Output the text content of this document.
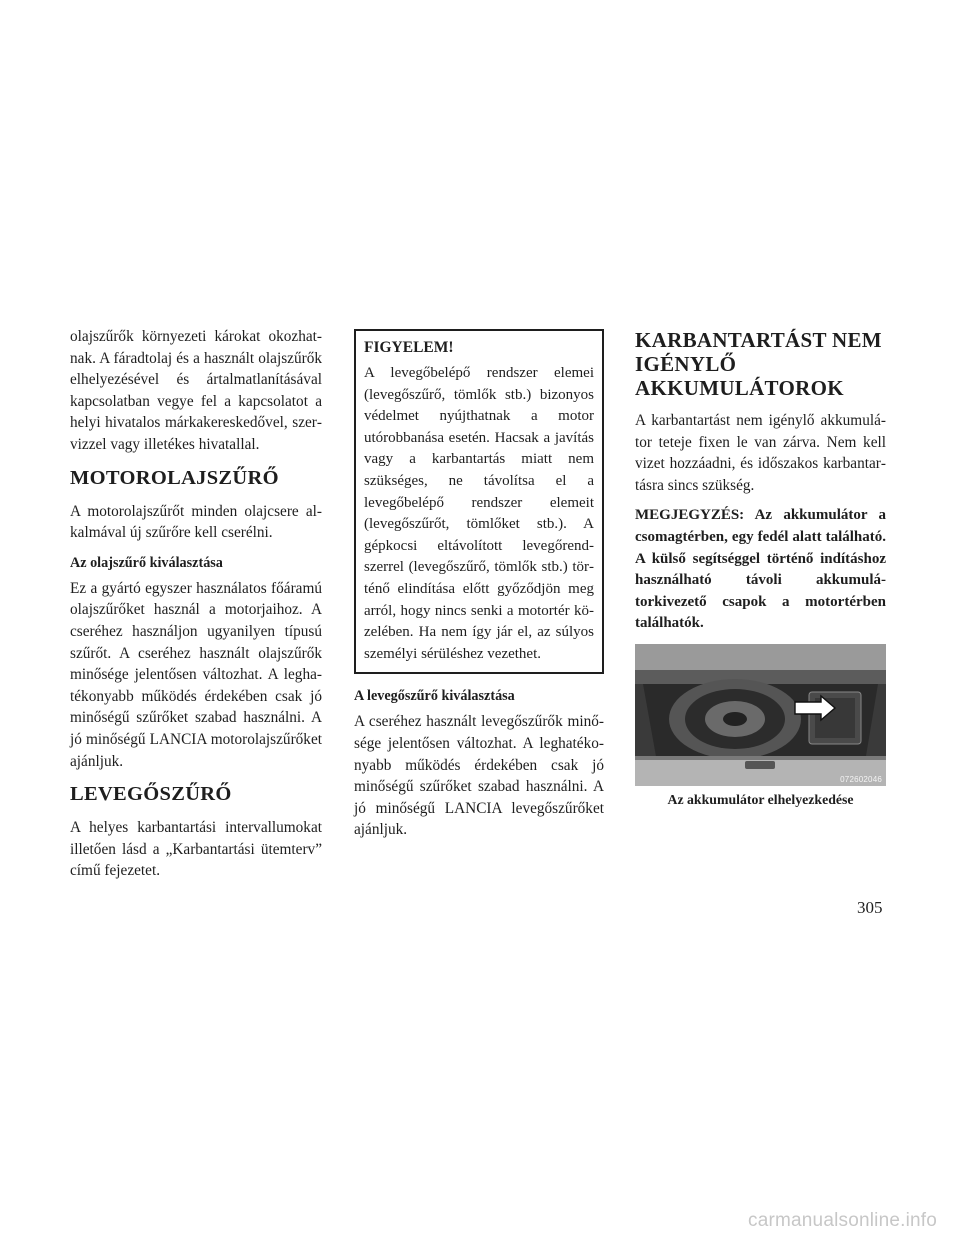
olajszűrők környezeti károkat okozhatnak. A fáradtolaj és a használt olajszűrők elhelyezésével és ártalmatlanításával kapcsolatban vegye fel a kapcsolatot a helyi hivatalos márkakereskedővel, szervizzel vagy illetékes hivatallal.

MOTOROLAJSZŰRŐ

A motorolajszűrőt minden olajcsere alkalmával új szűrőre kell cserélni.

Az olajszűrő kiválasztása

Ez a gyártó egyszer használatos főáramú olajszűrőket használ a motorjaihoz. A cseréhez használjon ugyanilyen típusú szűrőt. A cseréhez használt olajszűrők minősége jelentősen változhat. A leghatékonyabb működés érdekében csak jó minőségű szűrőket szabad használni. A jó minőségű LANCIA motorolajszűrőket ajánljuk.

LEVEGŐSZŰRŐ

A helyes karbantartási intervallumokat illetően lásd a „Karbantartási ütemterv” című fejezetet.

FIGYELEM!

A levegőbelépő rendszer elemei (levegőszűrő, tömlők stb.) bizonyos védelmet nyújthatnak a motor utórobbanása esetén. Hacsak a javítás vagy a karbantartás miatt nem szükséges, ne távolítsa el a levegőbelépő rendszer elemeit (levegőszűrőt, tömlőket stb.). A gépkocsi eltávolított levegőrendszerrel (levegőszűrő, tömlők stb.) történő elindítása előtt győződjön meg arról, hogy nincs senki a motortér közelében. Ha nem így jár el, az súlyos személyi sérüléshez vezethet.

A levegőszűrő kiválasztása

A cseréhez használt levegőszűrők minősége jelentősen változhat. A leghatékonyabb működés érdekében csak jó minőségű szűrőket szabad használni. A jó minőségű LANCIA levegőszűrőket ajánljuk.

KARBANTARTÁST NEM IGÉNYLŐ AKKUMULÁTOROK

A karbantartást nem igénylő akkumulátor teteje fixen le van zárva. Nem kell vizet hozzáadni, és időszakos karbantartásra sincs szükség.

MEGJEGYZÉS: Az akkumulátor a csomagtérben, egy fedél alatt található. A külső segítséggel történő indításhoz használható távoli akkumulátorkivezető csapok a motortérben találhatók.
072602046
Az akkumulátor elhelyezkedése
305
carmanualsonline.info
